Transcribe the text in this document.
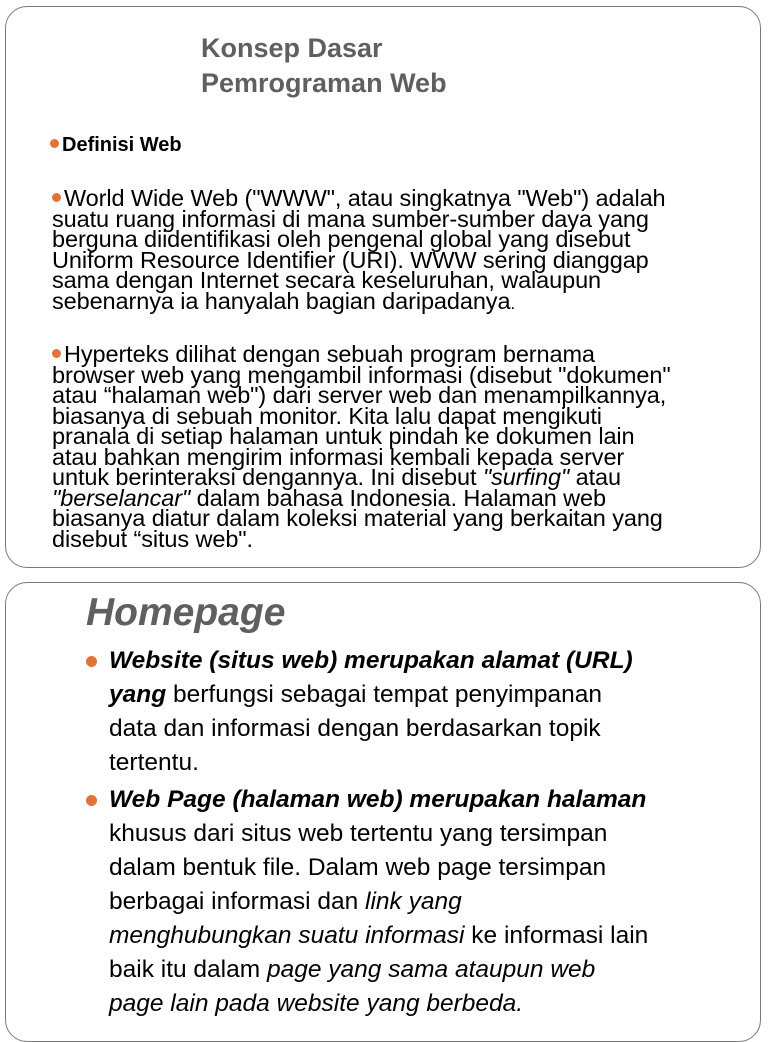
Konsep Dasar
Pemrograman Web
Definisi Web
World Wide Web ("WWW", atau singkatnya "Web") adalah
suatu ruang informasi di mana sumber-sumber daya yang
berguna diidentifikasi oleh pengenal global yang disebut
Uniform Resource Identifier (URI). WWW sering dianggap
sama dengan Internet secara keseluruhan, walaupun
sebenarnya ia hanyalah bagian daripadanya.
Hyperteks dilihat dengan sebuah program bernama
browser web yang mengambil informasi (disebut "dokumen"
atau “halaman web") dari server web dan menampilkannya,
biasanya di sebuah monitor. Kita lalu dapat mengikuti
pranala di setiap halaman untuk pindah ke dokumen lain
atau bahkan mengirim informasi kembali kepada server
untuk berinteraksi dengannya. Ini disebut "surfing" atau
"berselancar" dalam bahasa Indonesia. Halaman web
biasanya diatur dalam koleksi material yang berkaitan yang
disebut “situs web".
Homepage
Website (situs web) merupakan alamat (URL)
yang berfungsi sebagai tempat penyimpanan
data dan informasi dengan berdasarkan topik
tertentu.
Web Page (halaman web) merupakan halaman
khusus dari situs web tertentu yang tersimpan
dalam bentuk file. Dalam web page tersimpan
berbagai informasi dan link yang
menghubungkan suatu informasi ke informasi lain
baik itu dalam page yang sama ataupun web
page lain pada website yang berbeda.
